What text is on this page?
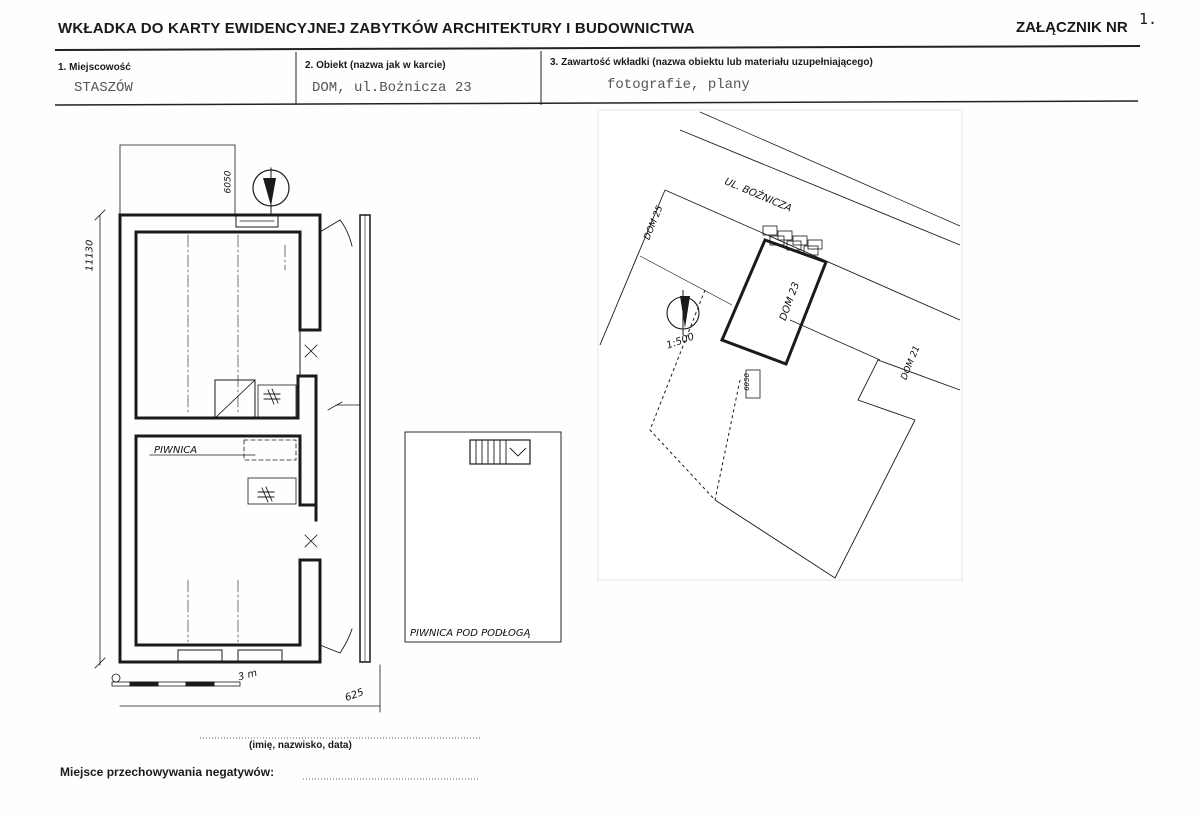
WKŁADKA DO KARTY EWIDENCYJNEJ ZABYTKÓW ARCHITEKTURY I BUDOWNICTWA	ZAŁĄCZNIK NR 1.
1. Miejscowość
STASZÓW
2. Obiekt (nazwa jak w karcie)
DOM, ul.Bożnicza 23
3. Zawartość wkładki (nazwa obiektu lub materiału uzupełniającego)
fotografie, plany
6050
11130
625
3 m
PIWNICA
PIWNICA POD PODŁOGĄ
UL. BOŻNICZA
DOM 23
DOM 25
DOM 21
1:500
6050
(imię, nazwisko, data)
Miejsce przechowywania negatywów:
